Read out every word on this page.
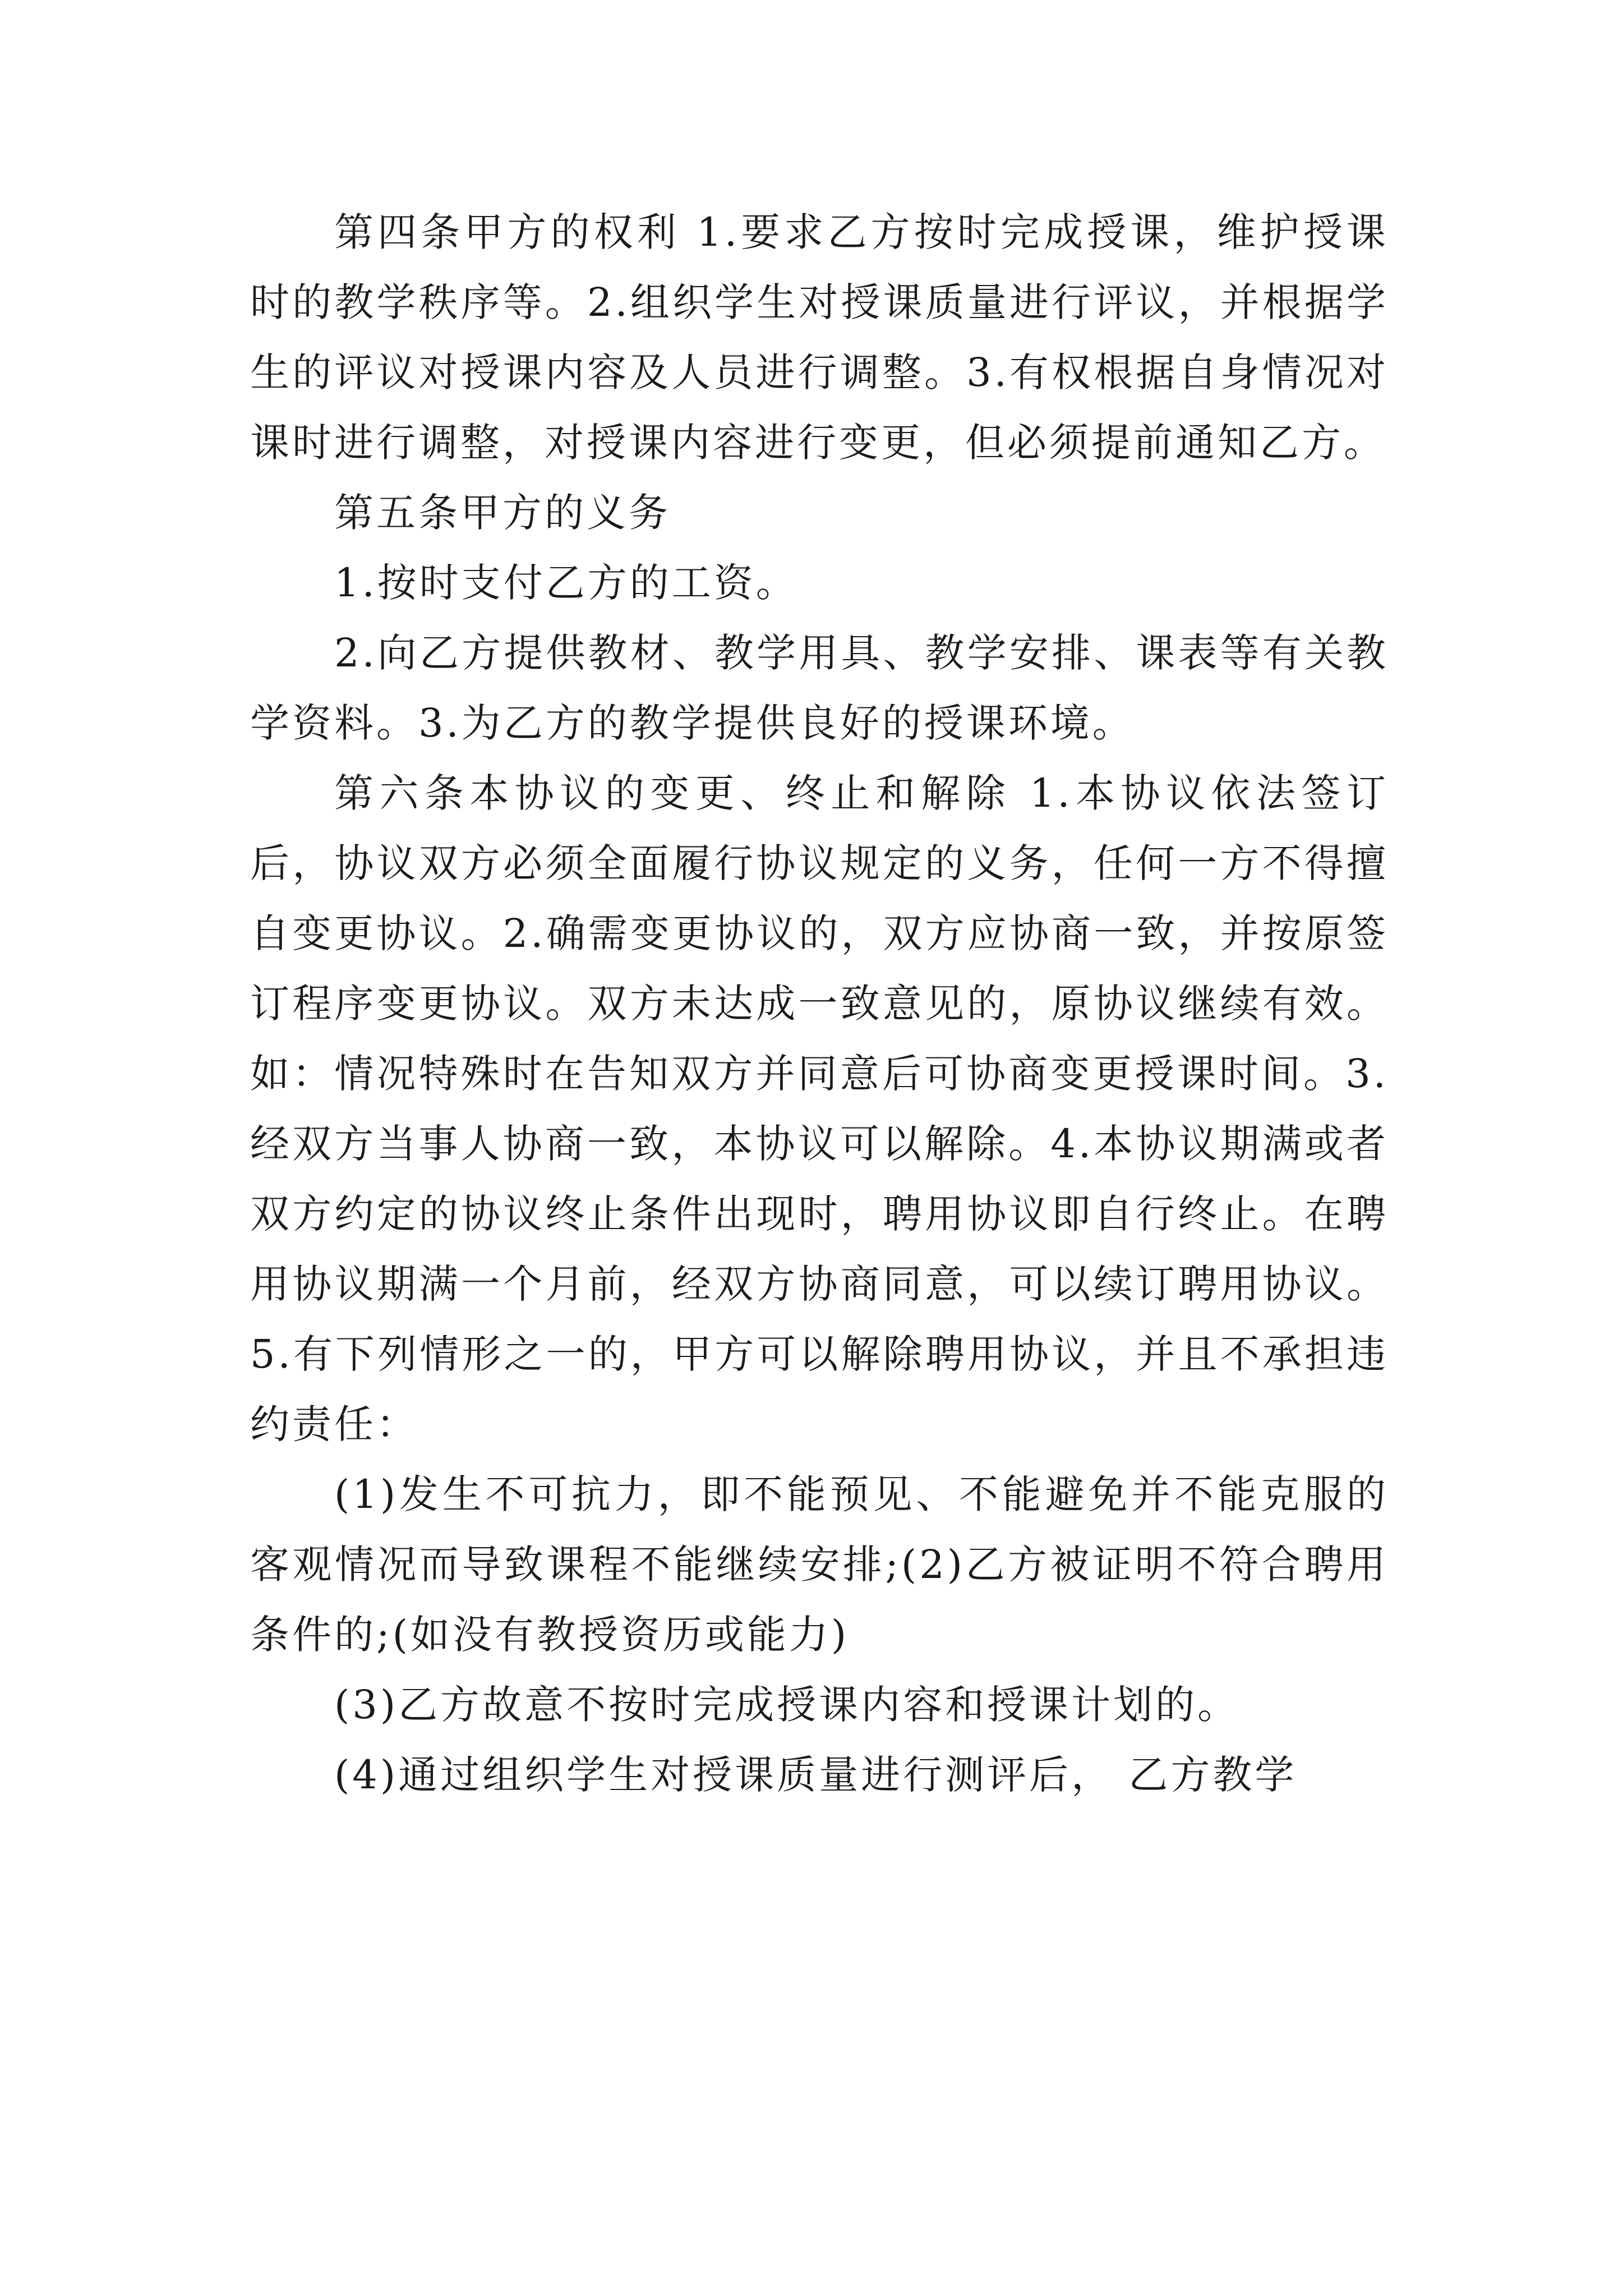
第四条甲方的权利 1.要求乙方按时完成授课，维护授课时的教学秩序等。2.组织学生对授课质量进行评议，并根据学生的评议对授课内容及人员进行调整。3.有权根据自身情况对课时进行调整，对授课内容进行变更，但必须提前通知乙方。

第五条甲方的义务

1.按时支付乙方的工资。

2.向乙方提供教材、教学用具、教学安排、课表等有关教学资料。3.为乙方的教学提供良好的授课环境。

第六条本协议的变更、终止和解除 1.本协议依法签订后，协议双方必须全面履行协议规定的义务，任何一方不得擅自变更协议。2.确需变更协议的，双方应协商一致，并按原签订程序变更协议。双方未达成一致意见的，原协议继续有效。如：情况特殊时在告知双方并同意后可协商变更授课时间。3.经双方当事人协商一致，本协议可以解除。4.本协议期满或者双方约定的协议终止条件出现时，聘用协议即自行终止。在聘用协议期满一个月前，经双方协商同意，可以续订聘用协议。5.有下列情形之一的，甲方可以解除聘用协议，并且不承担违约责任：

(1)发生不可抗力，即不能预见、不能避免并不能克服的客观情况而导致课程不能继续安排;(2)乙方被证明不符合聘用条件的;(如没有教授资历或能力)

(3)乙方故意不按时完成授课内容和授课计划的。

(4)通过组织学生对授课质量进行测评后， 乙方教学
